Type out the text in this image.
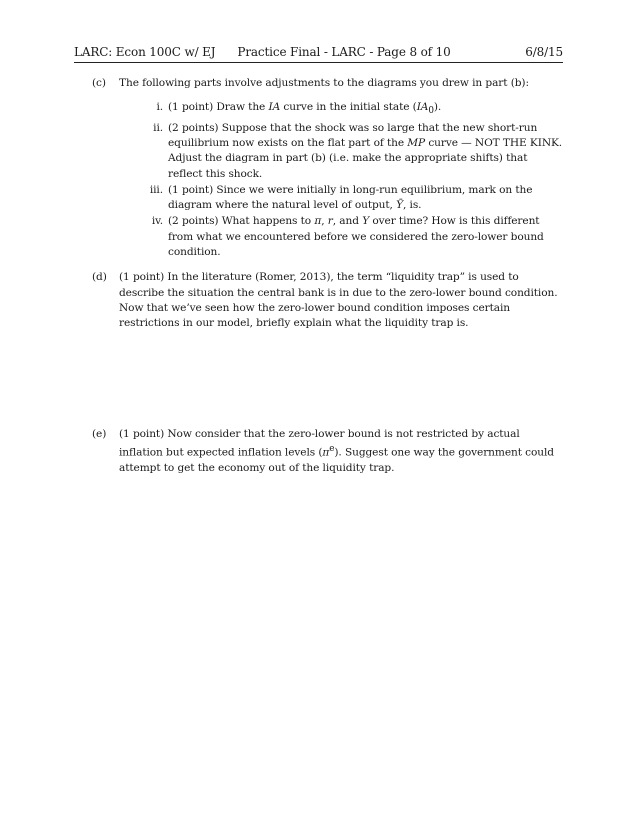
LARC: Econ 100C w/ EJ Practice Final - LARC - Page 8 of 10	6/8/15
(c) The following parts involve adjustments to the diagrams you drew in part (b):
i. (1 point) Draw the IA curve in the initial state $(IA_0)$.
ii. (2 points) Suppose that the shock was so large that the new short-run equilibrium now exists on the flat part of the MP curve — NOT THE KINK. Adjust the diagram in part (b) (i.e. make the appropriate shifts) that reflect this shock.
iii. (1 point) Since we were initially in long-run equilibrium, mark on the diagram where the natural level of output, Ȳ, is.
iv. (2 points) What happens to π, r, and Y over time? How is this different from what we encountered before we considered the zero-lower bound condition.
(d) (1 point) In the literature (Romer, 2013), the term “liquidity trap” is used to describe the situation the central bank is in due to the zero-lower bound condition. Now that we’ve seen how the zero-lower bound condition imposes certain restrictions in our model, briefly explain what the liquidity trap is.
(e) (1 point) Now consider that the zero-lower bound is not restricted by actual inflation but expected inflation levels $(\pi^e)$. Suggest one way the government could attempt to get the economy out of the liquidity trap.
